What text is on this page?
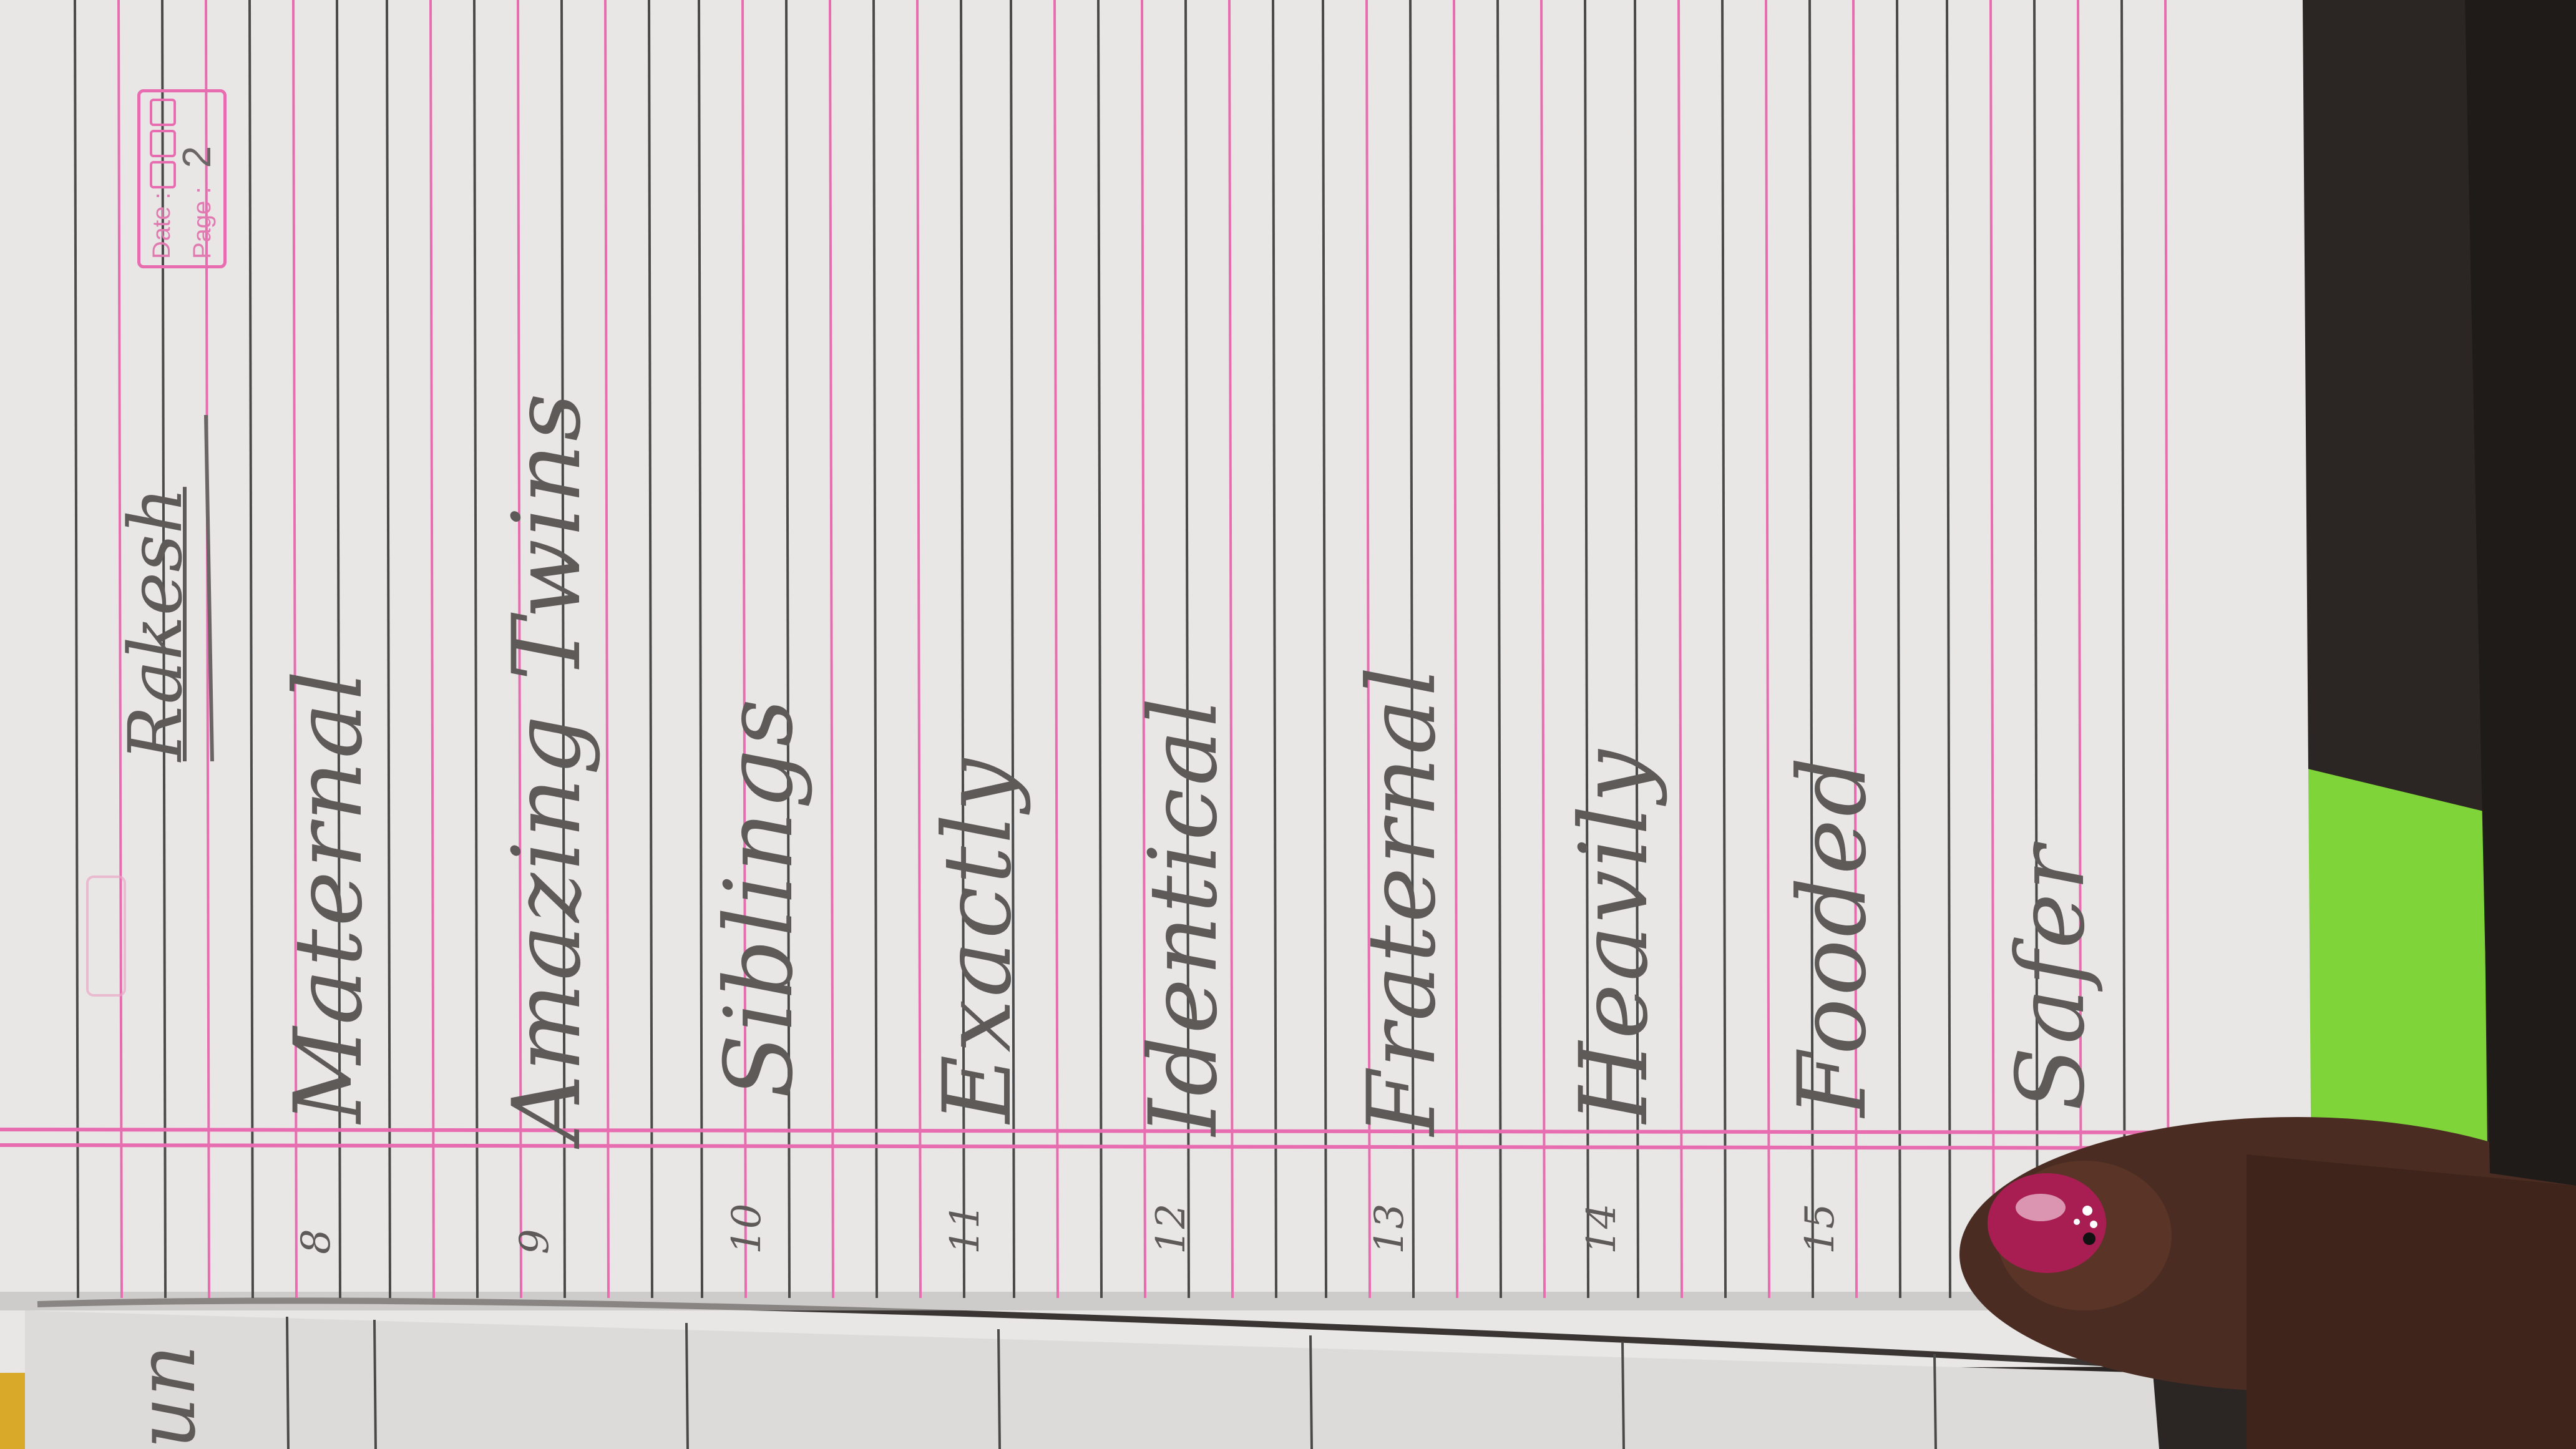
Date : Page :2
Rakesh
un
Maternal
8
Amazing Twins
9
Siblings
10
Exactly
11
Identical
12
Fraternal
13
Heavily
14
Fooded
15
Safer
